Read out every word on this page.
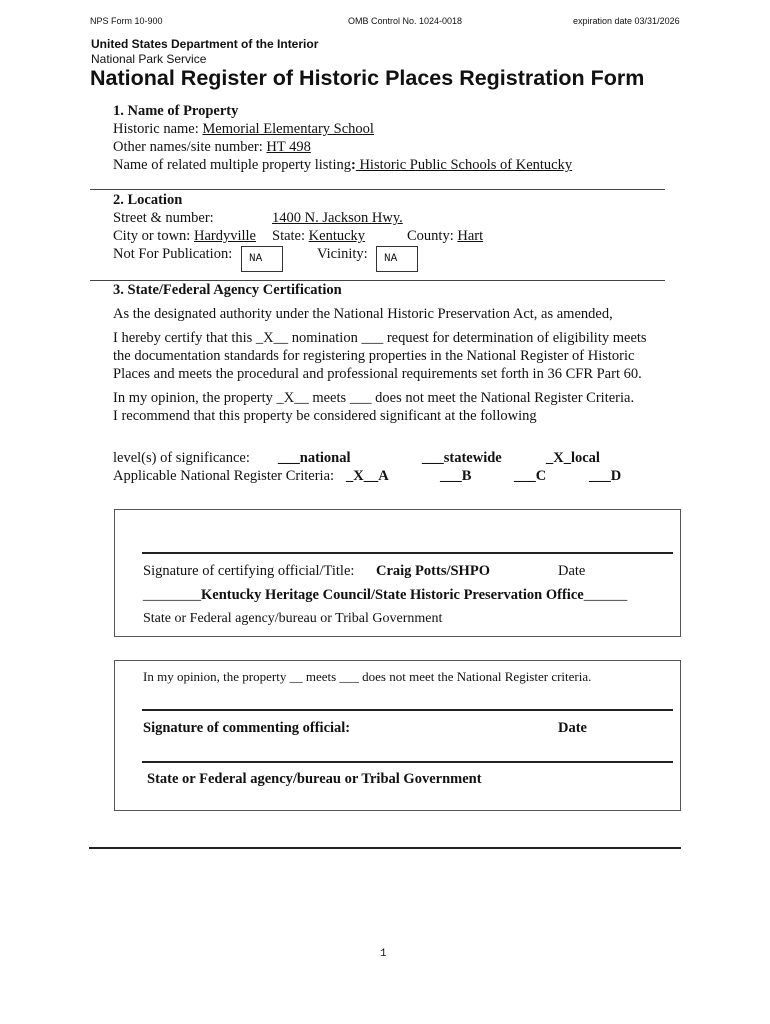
NPS Form 10-900	OMB Control No. 1024-0018	expiration date 03/31/2026
United States Department of the Interior
National Park Service
National Register of Historic Places Registration Form
1. Name of Property
Historic name: Memorial Elementary School
Other names/site number: HT 498
Name of related multiple property listing: Historic Public Schools of Kentucky
2. Location
Street & number:	1400 N. Jackson Hwy.
City or town: Hardyville State: Kentucky	County: Hart
Not For Publication: NA	Vicinity: NA
3. State/Federal Agency Certification
As the designated authority under the National Historic Preservation Act, as amended,
I hereby certify that this _X__ nomination ___ request for determination of eligibility meets
the documentation standards for registering properties in the National Register of Historic
Places and meets the procedural and professional requirements set forth in 36 CFR Part 60.
In my opinion, the property _X__ meets ___ does not meet the National Register Criteria.
I recommend that this property be considered significant at the following
level(s) of significance: ___national	___statewide	_X_local
Applicable National Register Criteria: _X__A	___B	___C	___D
Signature of certifying official/Title: Craig Potts/SHPO	Date
________Kentucky Heritage Council/State Historic Preservation Office______
State or Federal agency/bureau or Tribal Government
In my opinion, the property __ meets ___ does not meet the National Register criteria.
Signature of commenting official:	Date
State or Federal agency/bureau or Tribal Government
1
